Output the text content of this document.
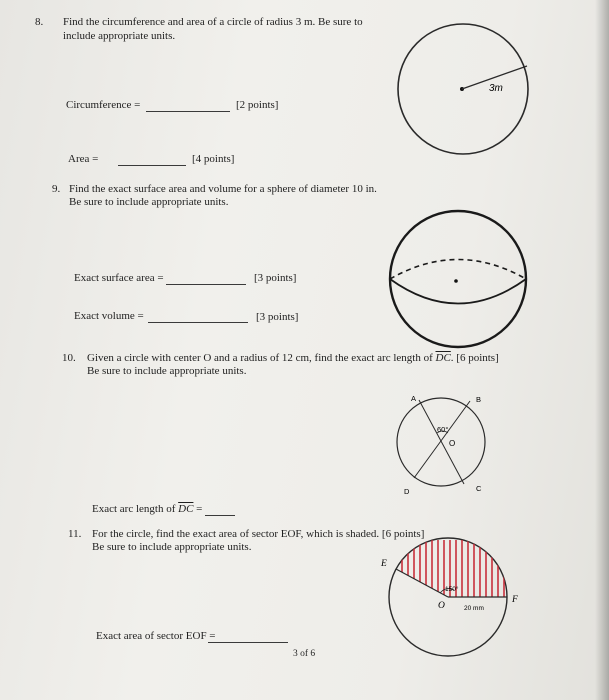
8. Find the circumference and area of a circle of radius 3 m. Be sure to
include appropriate units.
Circumference =	[2 points]
Area =	[4 points]
9. Find the exact surface area and volume for a sphere of diameter 10 in.
Be sure to include appropriate units.
Exact surface area =	[3 points]
Exact volume =	[3 points]
10. Given a circle with center O and a radius of 12 cm, find the exact arc length of $\overline{DC}$. [6 points]
Be sure to include appropriate units.
Exact arc length of $\overline{DC}$ =
11. For the circle, find the exact area of sector EOF, which is shaded. [6 points]
Be sure to include appropriate units.
Exact area of sector EOF =
3 of 6
3m
60°
O
A	B
C
D
150°
20 mm
O
E
F
